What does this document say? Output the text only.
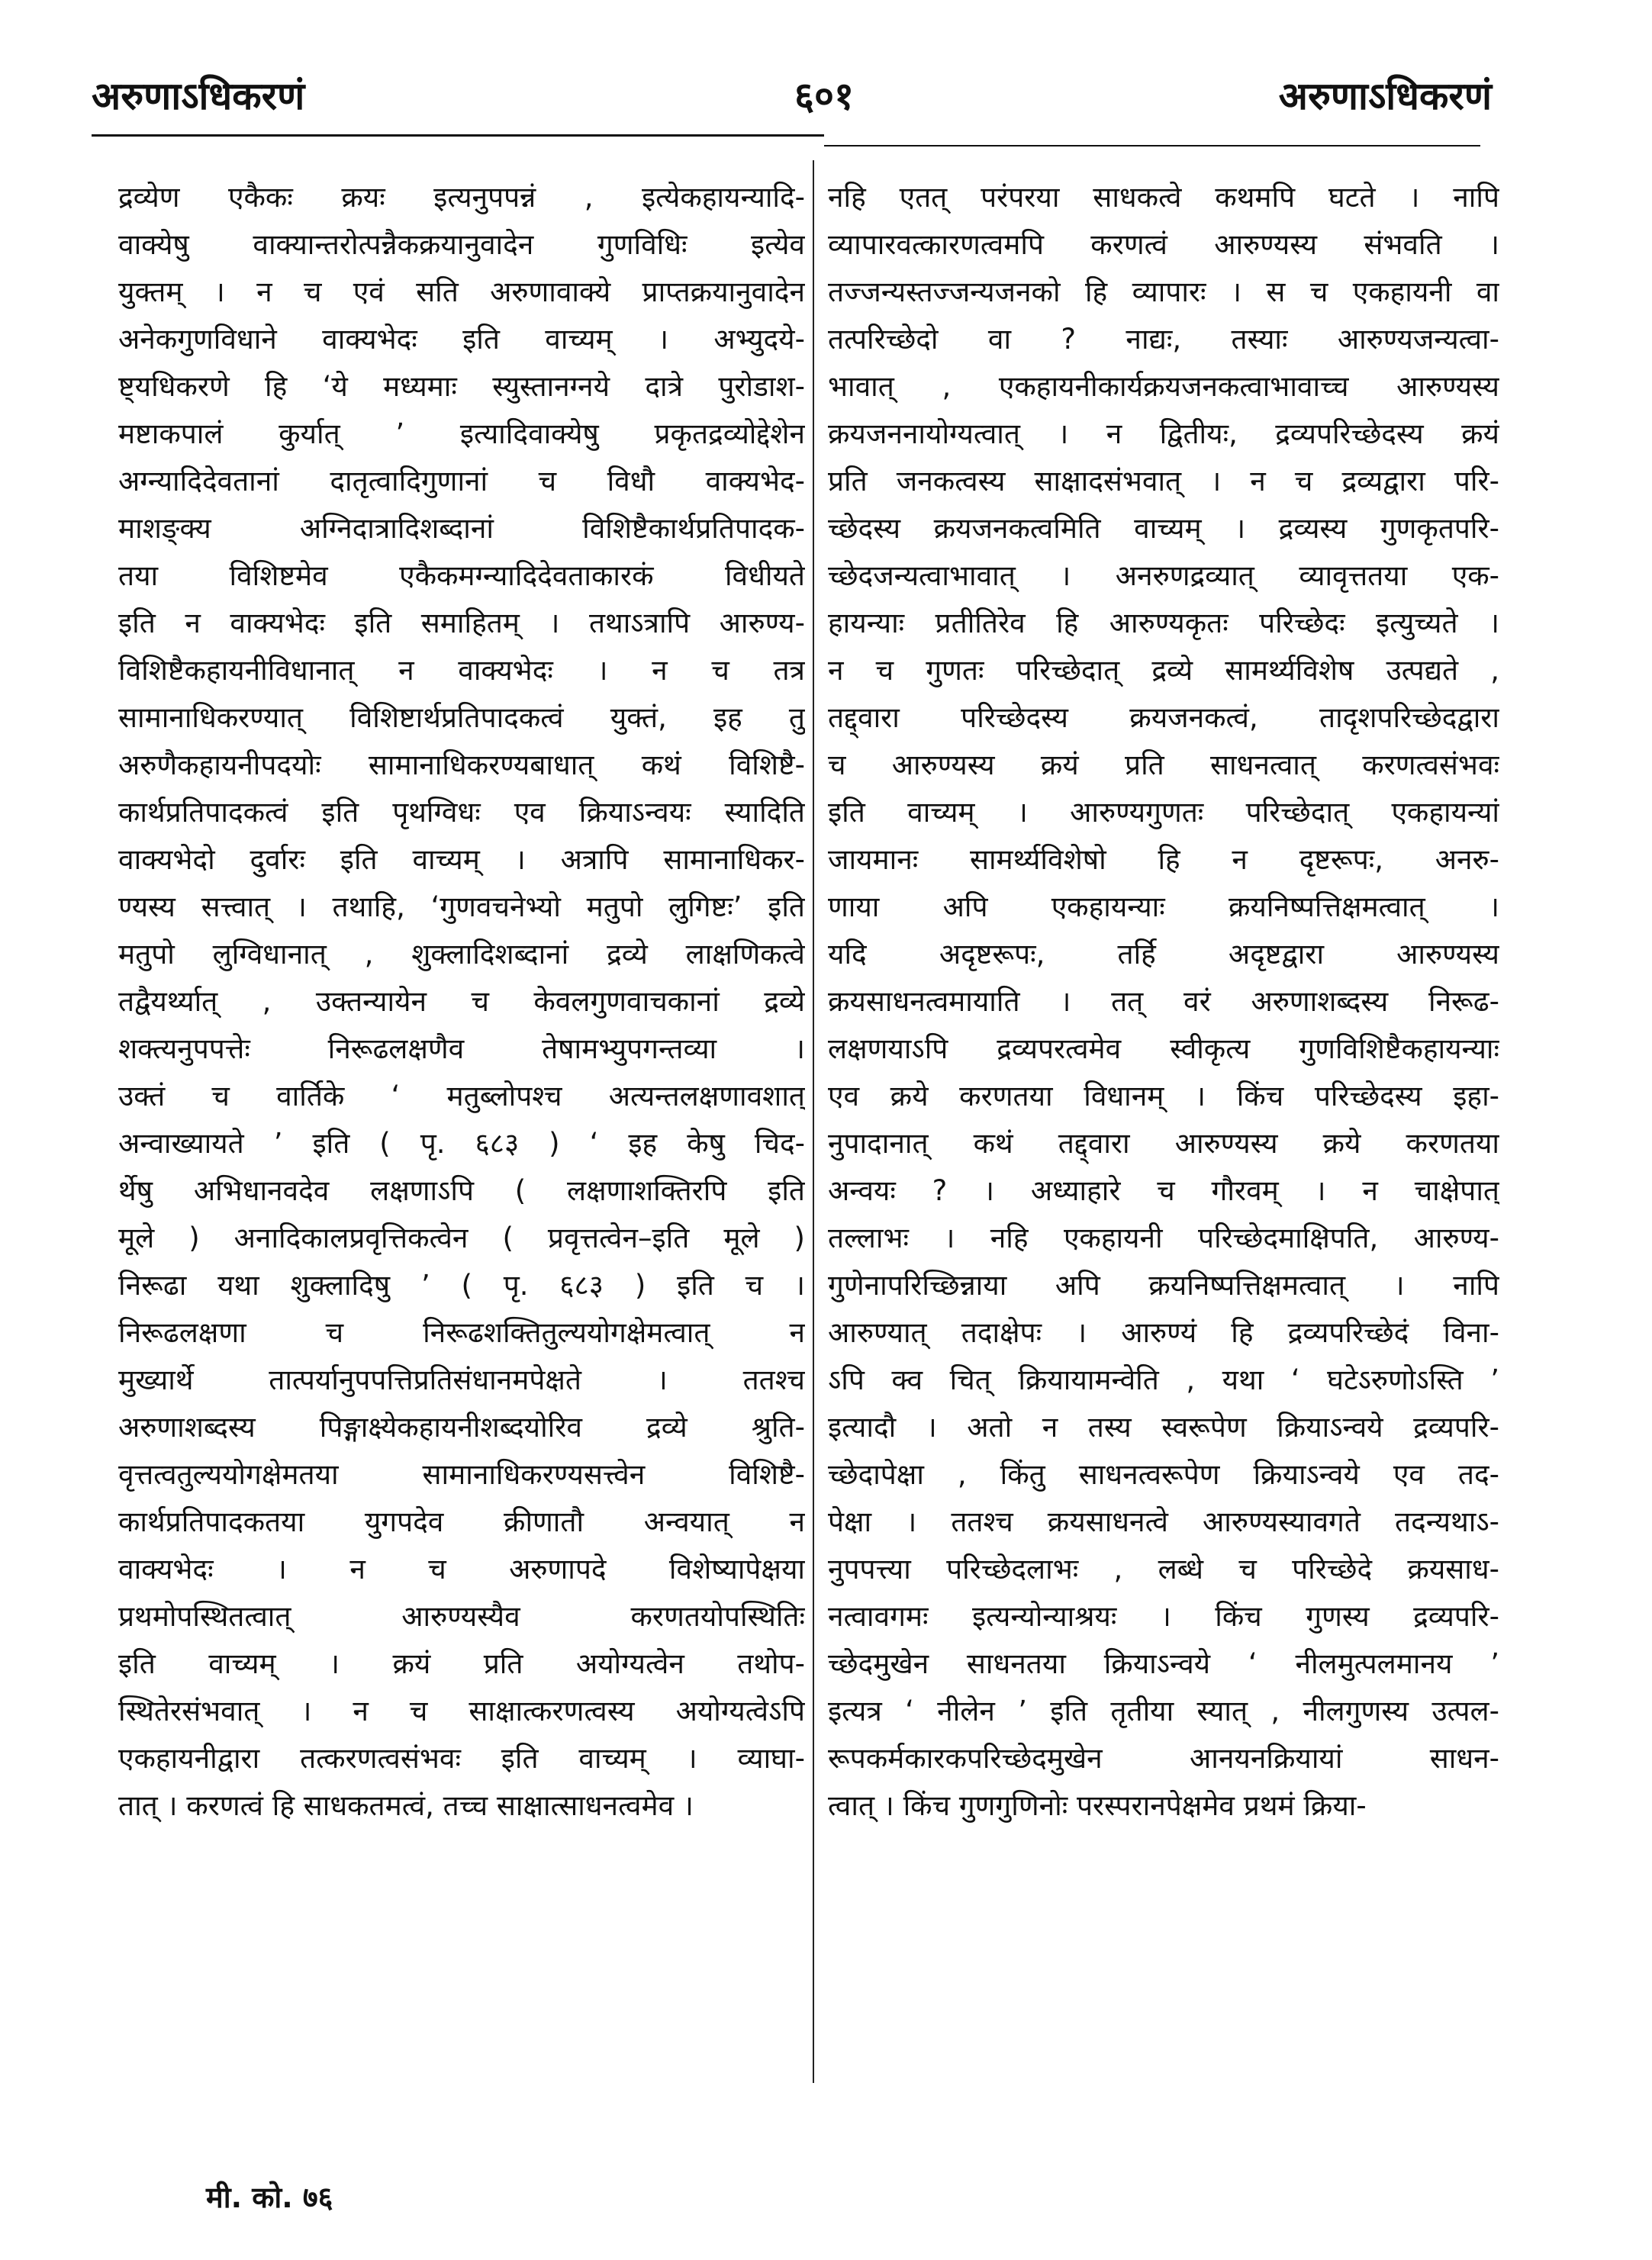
अरुणाऽधिकरणं	६०१	अरुणाऽधिकरणं
द्रव्येण एकैकः क्रयः इत्यनुपपन्नं , इत्येकहायन्यादि-
वाक्येषु वाक्यान्तरोत्पन्नैकक्रयानुवादेन गुणविधिः इत्येव
युक्तम् । न च एवं सति अरुणावाक्ये प्राप्तक्रयानुवादेन
अनेकगुणविधाने वाक्यभेदः इति वाच्यम् । अभ्युदये-
ष्ट्यधिकरणे हि ‘ये मध्यमाः स्युस्तानग्नये दात्रे पुरोडाश-
मष्टाकपालं कुर्यात् ’ इत्यादिवाक्येषु प्रकृतद्रव्योद्देशेन
अग्न्यादिदेवतानां दातृत्वादिगुणानां च विधौ वाक्यभेद-
माशङ्क्य अग्निदात्रादिशब्दानां विशिष्टैकार्थप्रतिपादक-
तया विशिष्टमेव एकैकमग्न्यादिदेवताकारकं विधीयते
इति न वाक्यभेदः इति समाहितम् । तथाऽत्रापि आरुण्य-
विशिष्टैकहायनीविधानात् न वाक्यभेदः । न च तत्र
सामानाधिकरण्यात् विशिष्टार्थप्रतिपादकत्वं युक्तं, इह तु
अरुणैकहायनीपदयोः सामानाधिकरण्यबाधात् कथं विशिष्टै-
कार्थप्रतिपादकत्वं इति पृथग्विधः एव क्रियाऽन्वयः स्यादिति
वाक्यभेदो दुर्वारः इति वाच्यम् । अत्रापि सामानाधिकर-
ण्यस्य सत्त्वात् । तथाहि, ‘गुणवचनेभ्यो मतुपो लुगिष्टः’ इति
मतुपो लुग्विधानात् , शुक्लादिशब्दानां द्रव्ये लाक्षणिकत्वे
तद्वैयर्थ्यात् , उक्तन्यायेन च केवलगुणवाचकानां द्रव्ये
शक्त्यनुपपत्तेः निरूढलक्षणैव तेषामभ्युपगन्तव्या ।
उक्तं च वार्तिके ‘ मतुब्लोपश्च अत्यन्तलक्षणावशात्
अन्वाख्यायते ’ इति ( पृ. ६८३ ) ‘ इह केषु चिद-
र्थेषु अभिधानवदेव लक्षणाऽपि ( लक्षणाशक्तिरपि इति
मूले ) अनादिकालप्रवृत्तिकत्वेन ( प्रवृत्तत्वेन–इति मूले )
निरूढा यथा शुक्लादिषु ’ ( पृ. ६८३ ) इति च ।
निरूढलक्षणा च निरूढशक्तितुल्ययोगक्षेमत्वात् न
मुख्यार्थे तात्पर्यानुपपत्तिप्रतिसंधानमपेक्षते । ततश्च
अरुणाशब्दस्य पिङ्गाक्ष्येकहायनीशब्दयोरिव द्रव्ये श्रुति-
वृत्तत्वतुल्ययोगक्षेमतया सामानाधिकरण्यसत्त्वेन विशिष्टै-
कार्थप्रतिपादकतया युगपदेव क्रीणातौ अन्वयात् न
वाक्यभेदः । न च अरुणापदे विशेष्यापेक्षया
प्रथमोपस्थितत्वात् आरुण्यस्यैव करणतयोपस्थितिः
इति वाच्यम् । क्रयं प्रति अयोग्यत्वेन तथोप-
स्थितेरसंभवात् । न च साक्षात्करणत्वस्य अयोग्यत्वेऽपि
एकहायनीद्वारा तत्करणत्वसंभवः इति वाच्यम् । व्याघा-
तात् । करणत्वं हि साधकतमत्वं, तच्च साक्षात्साधनत्वमेव ।
नहि एतत् परंपरया साधकत्वे कथमपि घटते । नापि
व्यापारवत्कारणत्वमपि करणत्वं आरुण्यस्य संभवति ।
तज्जन्यस्तज्जन्यजनको हि व्यापारः । स च एकहायनी वा
तत्परिच्छेदो वा ? नाद्यः, तस्याः आरुण्यजन्यत्वा-
भावात् , एकहायनीकार्यक्रयजनकत्वाभावाच्च आरुण्यस्य
क्रयजननायोग्यत्वात् । न द्वितीयः, द्रव्यपरिच्छेदस्य क्रयं
प्रति जनकत्वस्य साक्षादसंभवात् । न च द्रव्यद्वारा परि-
च्छेदस्य क्रयजनकत्वमिति वाच्यम् । द्रव्यस्य गुणकृतपरि-
च्छेदजन्यत्वाभावात् । अनरुणद्रव्यात् व्यावृत्ततया एक-
हायन्याः प्रतीतिरेव हि आरुण्यकृतः परिच्छेदः इत्युच्यते ।
न च गुणतः परिच्छेदात् द्रव्ये सामर्थ्यविशेष उत्पद्यते ,
तद्द्वारा परिच्छेदस्य क्रयजनकत्वं, तादृशपरिच्छेदद्वारा
च आरुण्यस्य क्रयं प्रति साधनत्वात् करणत्वसंभवः
इति वाच्यम् । आरुण्यगुणतः परिच्छेदात् एकहायन्यां
जायमानः सामर्थ्यविशेषो हि न दृष्टरूपः, अनरु-
णाया अपि एकहायन्याः क्रयनिष्पत्तिक्षमत्वात् ।
यदि अदृष्टरूपः, तर्हि अदृष्टद्वारा आरुण्यस्य
क्रयसाधनत्वमायाति । तत् वरं अरुणाशब्दस्य निरूढ-
लक्षणयाऽपि द्रव्यपरत्वमेव स्वीकृत्य गुणविशिष्टैकहायन्याः
एव क्रये करणतया विधानम् । किंच परिच्छेदस्य इहा-
नुपादानात् कथं तद्द्वारा आरुण्यस्य क्रये करणतया
अन्वयः ? । अध्याहारे च गौरवम् । न चाक्षेपात्
तल्लाभः । नहि एकहायनी परिच्छेदमाक्षिपति, आरुण्य-
गुणेनापरिच्छिन्नाया अपि क्रयनिष्पत्तिक्षमत्वात् । नापि
आरुण्यात् तदाक्षेपः । आरुण्यं हि द्रव्यपरिच्छेदं विना-
ऽपि क्व चित् क्रियायामन्वेति , यथा ‘ घटेऽरुणोऽस्ति ’
इत्यादौ । अतो न तस्य स्वरूपेण क्रियाऽन्वये द्रव्यपरि-
च्छेदापेक्षा , किंतु साधनत्वरूपेण क्रियाऽन्वये एव तद-
पेक्षा । ततश्च क्रयसाधनत्वे आरुण्यस्यावगते तदन्यथाऽ-
नुपपत्त्या परिच्छेदलाभः , लब्धे च परिच्छेदे क्रयसाध-
नत्वावगमः इत्यन्योन्याश्रयः । किंच गुणस्य द्रव्यपरि-
च्छेदमुखेन साधनतया क्रियाऽन्वये ‘ नीलमुत्पलमानय ’
इत्यत्र ‘ नीलेन ’ इति तृतीया स्यात् , नीलगुणस्य उत्पल-
रूपकर्मकारकपरिच्छेदमुखेन आनयनक्रियायां साधन-
त्वात् । किंच गुणगुणिनोः परस्परानपेक्षमेव प्रथमं क्रिया-
मी. को. ७६
